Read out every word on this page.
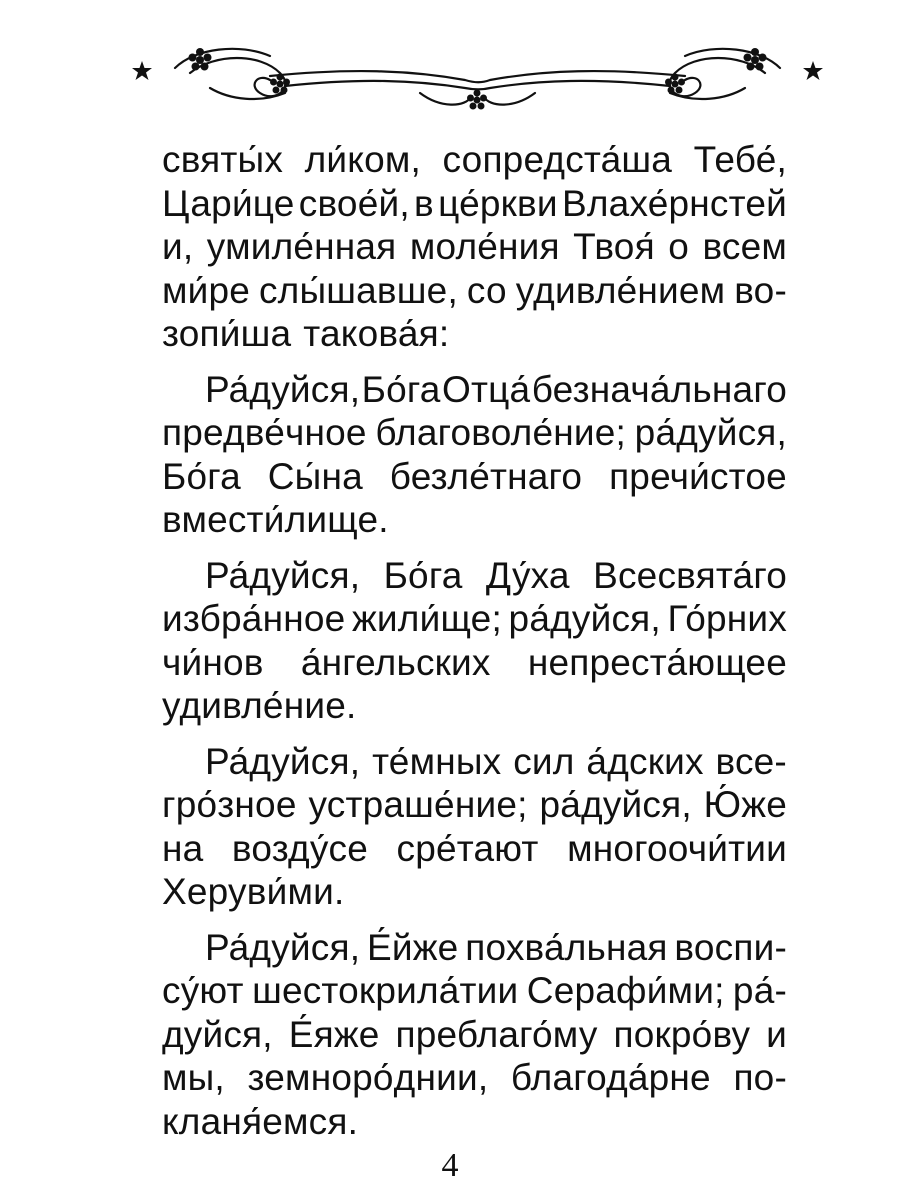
святы́х ли́ком, сопредста́ша Тебе́,
Цари́це свое́й, в це́ркви Влахе́рнстей
и, умиле́нная моле́ния Твоя́ о всем
ми́ре слы́шавше, со удивле́нием во-
зопи́ша такова́я:
Ра́дуйся, Бо́га Отца́ безнача́льнаго
предве́чное благоволе́ние; ра́дуйся,
Бо́га Сы́на безле́тнаго пречи́стое
вмести́лище.
Ра́дуйся, Бо́га Ду́ха Всесвята́го
избра́нное жили́ще; ра́дуйся, Го́рних
чи́нов а́нгельских непреста́ющее
удивле́ние.
Ра́дуйся, те́мных сил а́дских все-
гро́зное устраше́ние; ра́дуйся, Ю́же
на возду́се сре́тают многоочи́тии
Херуви́ми.
Ра́дуйся, Е́йже похва́льная воспи-
су́ют шестокрила́тии Серафи́ми; ра́-
дуйся, Е́яже преблаго́му покро́ву и
мы, земноро́днии, благода́рне по-
кланя́емся.
4
